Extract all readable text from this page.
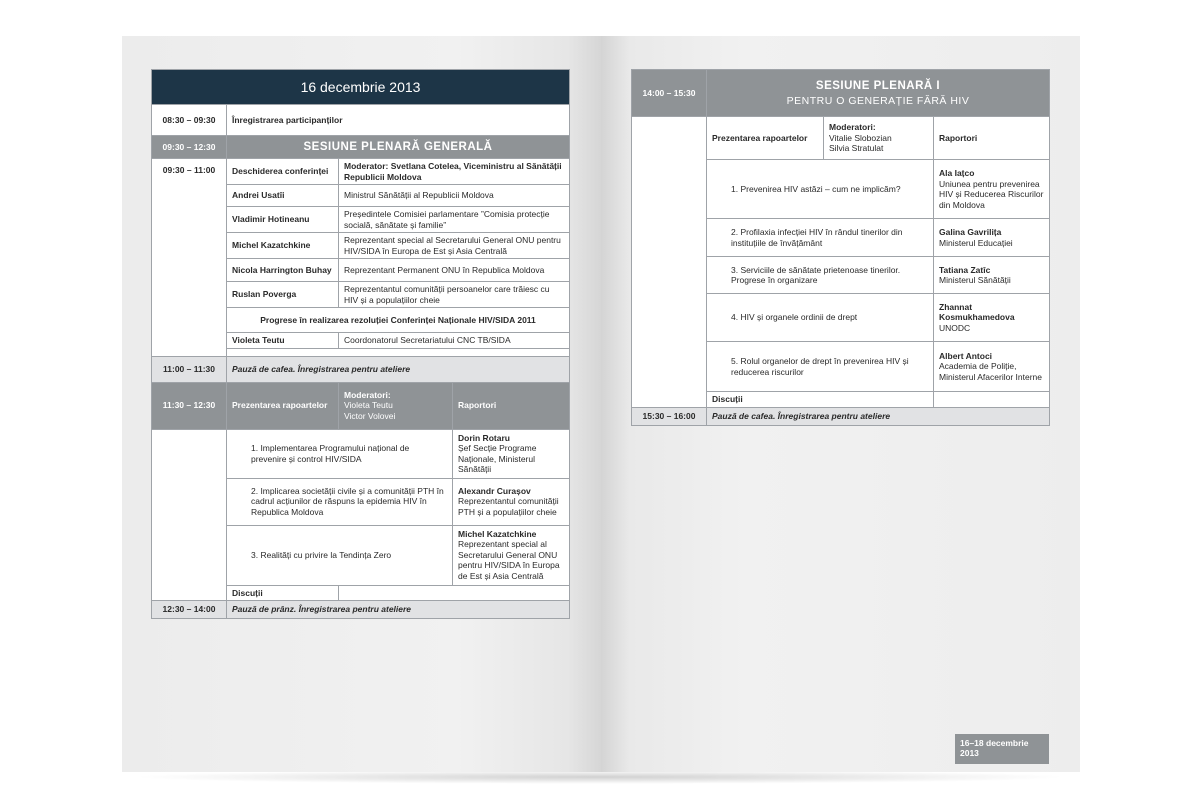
16 decembrie 2013			
08:30 – 09:30	Înregistrarea participanților		
09:30 – 12:30	SESIUNE PLENARĂ GENERALĂ		
09:30 – 11:00	Deschiderea conferinței	Moderator: Svetlana Cotelea, Viceministru al Sănătății Republicii Moldova	
	Andrei Usatîi	Ministrul Sănătății al Republicii Moldova	
	Vladimir Hotineanu	Președintele Comisiei parlamentare ”Comisia protecție socială, sănătate și familie”	
	Michel Kazatchkine	Reprezentant special al Secretarului General ONU pentru HIV/SIDA în Europa de Est și Asia Centrală	
	Nicola Harrington Buhay	Reprezentant Permanent ONU în Republica Moldova	
	Ruslan Poverga	Reprezentantul comunității persoanelor care trăiesc cu HIV și a populațiilor cheie	
	Progrese în realizarea rezoluției Conferinței Naționale HIV/SIDA 2011		
	Violeta Teutu	Coordonatorul Secretariatului CNC TB/SIDA	

11:00 – 11:30	Pauză de cafea. Înregistrarea pentru ateliere		
11:30 – 12:30	Prezentarea rapoartelor	Moderatori:
Violeta Teutu
Victor Volovei	Raportori
	1. Implementarea Programului național de prevenire și control HIV/SIDA		Dorin Rotaru
Șef Secție Programe Naționale, Ministerul Sănătății

	2. Implicarea societății civile și a comunității PTH în cadrul acțiunilor de răspuns la epidemia HIV în Republica Moldova		Alexandr Curașov
Reprezentantul comunității PTH și a populațiilor cheie

	3. Realități cu privire la Tendința Zero		Michel Kazatchkine
Reprezentant special al Secretarului General ONU pentru HIV/SIDA în Europa de Est și Asia Centrală

	Discuții		
12:30 – 14:00	Pauză de prânz. Înregistrarea pentru ateliere		
14:00 – 15:30	SESIUNE PLENARĂ I
PENTRU O GENERAȚIE FĂRĂ HIV		

	Prezentarea rapoartelor	Moderatori:
Vitalie Slobozian
Silvia Stratulat	Raportori
	1. Prevenirea HIV astăzi – cum ne implicăm?		Ala Iațco
Uniunea pentru prevenirea HIV și Reducerea Riscurilor din Moldova

	2. Profilaxia infecției HIV în rândul tinerilor din instituțiile de învățământ		Galina Gavrilița
Ministerul Educației

	3. Serviciile de sănătate prietenoase tinerilor. Progrese în organizare		Tatiana Zatîc
Ministerul Sănătății

	4. HIV și organele ordinii de drept		Zhannat Kosmukhamedova
UNODC

	5. Rolul organelor de drept în prevenirea HIV și reducerea riscurilor		Albert Antoci
Academia de Poliție, Ministerul Afacerilor Interne

	Discuții		
15:30 – 16:00	Pauză de cafea. Înregistrarea pentru ateliere		
16–18 decembrie 2013
